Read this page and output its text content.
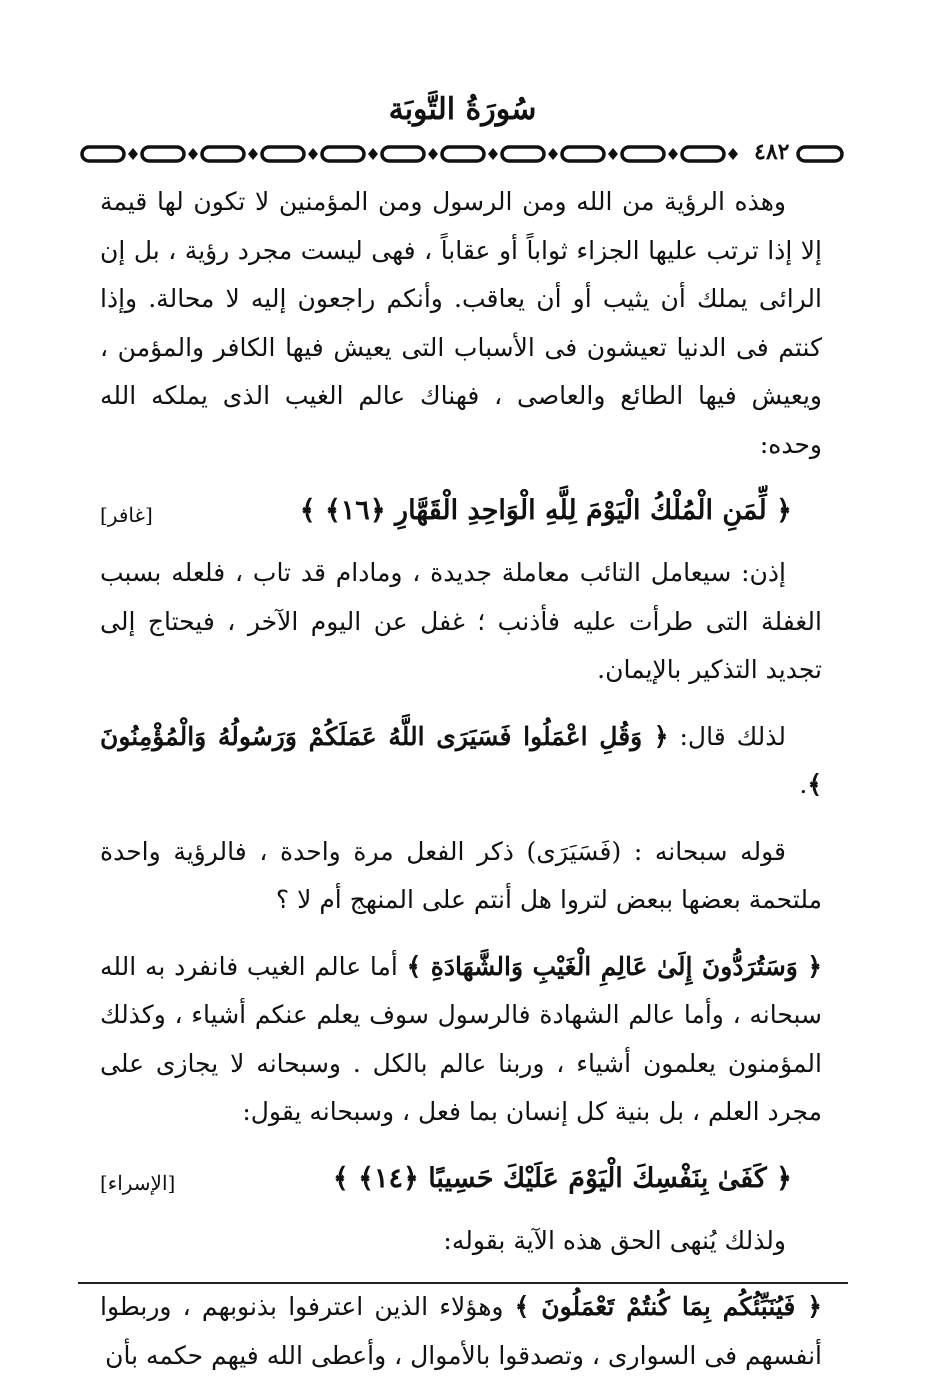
سُورَةُ التَّوبَة
٤٨٢

وهذه الرؤية من الله ومن الرسول ومن المؤمنين لا تكون لها قيمة إلا إذا ترتب عليها الجزاء ثواباً أو عقاباً ، فهى ليست مجرد رؤية ، بل إن الرائى يملك أن يثيب أو أن يعاقب. وأنكم راجعون إليه لا محالة. وإذا كنتم فى الدنيا تعيشون فى الأسباب التى يعيش فيها الكافر والمؤمن ، ويعيش فيها الطائع والعاصى ، فهناك عالم الغيب الذى يملكه الله وحده:

﴿ لِّمَنِ الْمُلْكُ الْيَوْمَ لِلَّهِ الْوَاحِدِ الْقَهَّارِ ﴿١٦﴾ ﴾
[غافر]

إذن: سيعامل التائب معاملة جديدة ، ومادام قد تاب ، فلعله بسبب الغفلة التى طرأت عليه فأذنب ؛ غفل عن اليوم الآخر ، فيحتاج إلى تجديد التذكير بالإيمان.

لذلك قال: ﴿ وَقُلِ اعْمَلُوا فَسَيَرَى اللَّهُ عَمَلَكُمْ وَرَسُولُهُ وَالْمُؤْمِنُونَ ﴾.

قوله سبحانه : (فَسَيَرَى) ذكر الفعل مرة واحدة ، فالرؤية واحدة ملتحمة بعضها ببعض لتروا هل أنتم على المنهج أم لا ؟

﴿ وَسَتُرَدُّونَ إِلَىٰ عَالِمِ الْغَيْبِ وَالشَّهَادَةِ ﴾ أما عالم الغيب فانفرد به الله سبحانه ، وأما عالم الشهادة فالرسول سوف يعلم عنكم أشياء ، وكذلك المؤمنون يعلمون أشياء ، وربنا عالم بالكل . وسبحانه لا يجازى على مجرد العلم ، بل بنية كل إنسان بما فعل ، وسبحانه يقول:

﴿ كَفَىٰ بِنَفْسِكَ الْيَوْمَ عَلَيْكَ حَسِيبًا ﴿١٤﴾ ﴾
[الإسراء]

ولذلك يُنهى الحق هذه الآية بقوله:

﴿ فَيُنَبِّئُكُم بِمَا كُنتُمْ تَعْمَلُونَ ﴾ وهؤلاء الذين اعترفوا بذنوبهم ، وربطوا أنفسهم فى السوارى ، وتصدقوا بالأموال ، وأعطى الله فيهم حكمه بأن
